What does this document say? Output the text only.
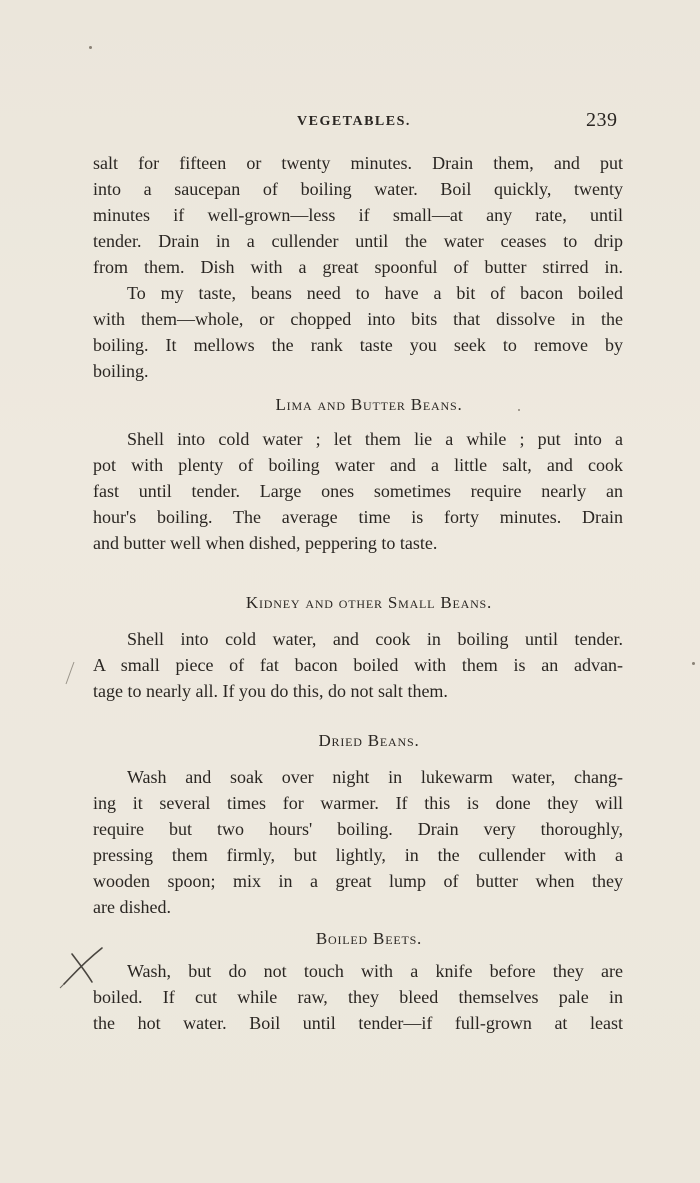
VEGETABLES.	239
salt for fifteen or twenty minutes. Drain them, and put
into a saucepan of boiling water. Boil quickly, twenty
minutes if well-grown—less if small—at any rate, until
tender. Drain in a cullender until the water ceases to drip
from them. Dish with a great spoonful of butter stirred in.
To my taste, beans need to have a bit of bacon boiled
with them—whole, or chopped into bits that dissolve in the
boiling. It mellows the rank taste you seek to remove by
boiling.
Lima and Butter Beans.
Shell into cold water ; let them lie a while ; put into a
pot with plenty of boiling water and a little salt, and cook
fast until tender. Large ones sometimes require nearly an
hour's boiling. The average time is forty minutes. Drain
and butter well when dished, peppering to taste.
Kidney and other Small Beans.
Shell into cold water, and cook in boiling until tender.
A small piece of fat bacon boiled with them is an advan-
tage to nearly all. If you do this, do not salt them.
Dried Beans.
Wash and soak over night in lukewarm water, chang-
ing it several times for warmer. If this is done they will
require but two hours' boiling. Drain very thoroughly,
pressing them firmly, but lightly, in the cullender with a
wooden spoon; mix in a great lump of butter when they
are dished.
Boiled Beets.
Wash, but do not touch with a knife before they are
boiled. If cut while raw, they bleed themselves pale in
the hot water. Boil until tender—if full-grown at least
